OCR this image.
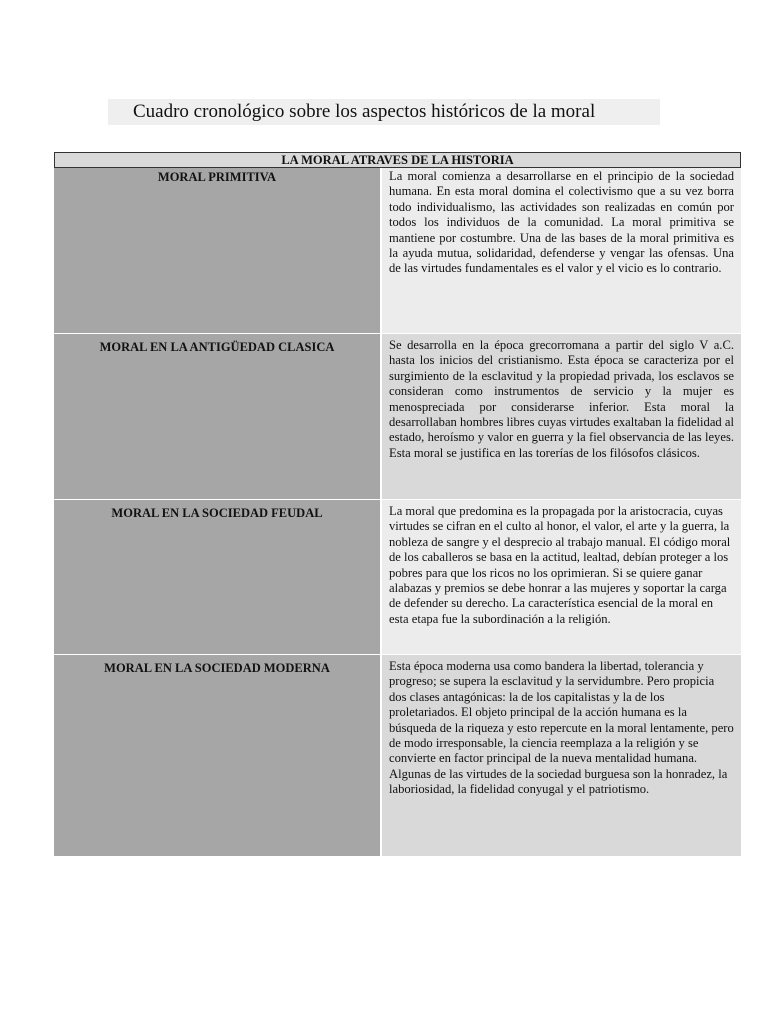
Cuadro cronológico sobre los aspectos históricos de la moral
LA MORAL ATRAVES DE LA HISTORIA
MORAL PRIMITIVA	La moral comienza a desarrollarse en el principio de la sociedad humana. En esta moral domina el colectivismo que a su vez borra todo individualismo, las actividades son realizadas en común por todos los individuos de la comunidad. La moral primitiva se mantiene por costumbre. Una de las bases de la moral primitiva es la ayuda mutua, solidaridad, defenderse y vengar las ofensas. Una de las virtudes fundamentales es el valor y el vicio es lo contrario.
MORAL EN LA ANTIGÜEDAD CLASICA	Se desarrolla en la época grecorromana a partir del siglo V a.C. hasta los inicios del cristianismo. Esta época se caracteriza por el surgimiento de la esclavitud y la propiedad privada, los esclavos se consideran como instrumentos de servicio y la mujer es menospreciada por considerarse inferior. Esta moral la desarrollaban hombres libres cuyas virtudes exaltaban la fidelidad al estado, heroísmo y valor en guerra y la fiel observancia de las leyes. Esta moral se justifica en las torerías de los filósofos clásicos.
MORAL EN LA SOCIEDAD FEUDAL	La moral que predomina es la propagada por la aristocracia, cuyas virtudes se cifran en el culto al honor, el valor, el arte y la guerra, la nobleza de sangre y el desprecio al trabajo manual. El código moral de los caballeros se basa en la actitud, lealtad, debían proteger a los pobres para que los ricos no los oprimieran. Si se quiere ganar alabazas y premios se debe honrar a las mujeres y soportar la carga de defender su derecho. La característica esencial de la moral en esta etapa fue la subordinación a la religión.
MORAL EN LA SOCIEDAD MODERNA	Esta época moderna usa como bandera la libertad, tolerancia y progreso; se supera la esclavitud y la servidumbre. Pero propicia dos clases antagónicas: la de los capitalistas y la de los proletariados. El objeto principal de la acción humana es la búsqueda de la riqueza y esto repercute en la moral lentamente, pero de modo irresponsable, la ciencia reemplaza a la religión y se convierte en factor principal de la nueva mentalidad humana. Algunas de las virtudes de la sociedad burguesa son la honradez, la laboriosidad, la fidelidad conyugal y el patriotismo.
